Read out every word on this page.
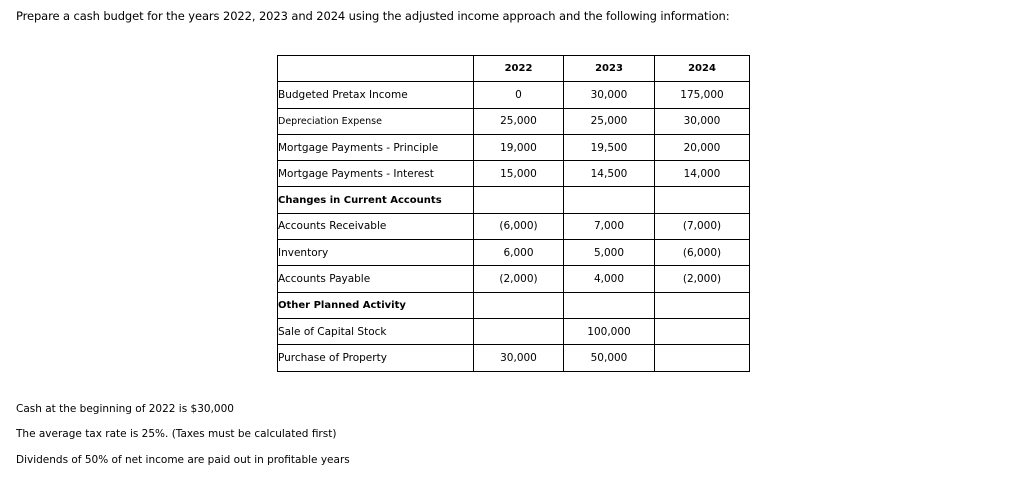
Prepare a cash budget for the years 2022, 2023 and 2024 using the adjusted income approach and the following information:
	2022	2023	2024
Budgeted Pretax Income	0	30,000	175,000
Depreciation Expense	25,000	25,000	30,000
Mortgage Payments - Principle	19,000	19,500	20,000
Mortgage Payments - Interest	15,000	14,500	14,000
Changes in Current Accounts			
Accounts Receivable	(6,000)	7,000	(7,000)
Inventory	6,000	5,000	(6,000)
Accounts Payable	(2,000)	4,000	(2,000)
Other Planned Activity			
Sale of Capital Stock		100,000	
Purchase of Property	30,000	50,000	
Cash at the beginning of 2022 is $30,000
The average tax rate is 25%. (Taxes must be calculated first)
Dividends of 50% of net income are paid out in profitable years
